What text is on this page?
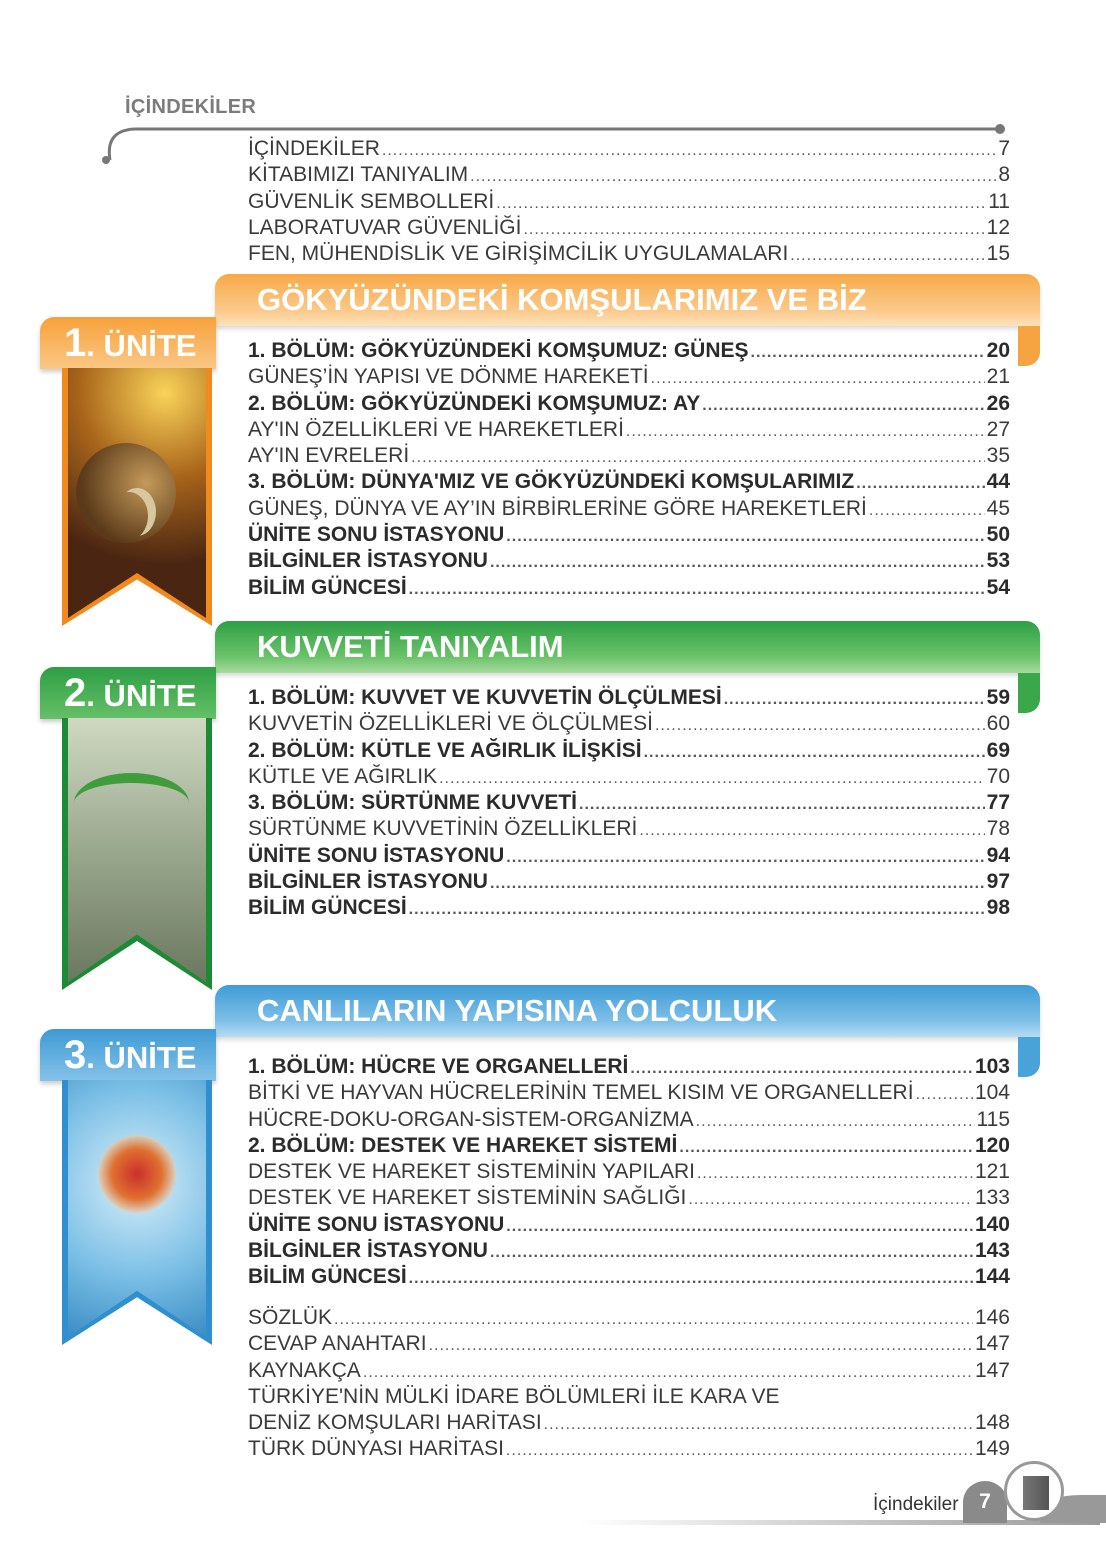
İÇİNDEKİLER
İÇİNDEKİLER .....	7
KİTABIMIZI TANIYALIM .....	8
GÜVENLİK SEMBOLLERİ .....	11
LABORATUVAR GÜVENLİĞİ .....	12
FEN, MÜHENDİSLİK VE GİRİŞİMCİLİK UYGULAMALARI .....	15
GÖKYÜZÜNDEKİ KOMŞULARIMIZ VE BİZ
1. ÜNİTE	1. BÖLÜM: GÖKYÜZÜNDEKİ KOMŞUMUZ: GÜNEŞ .....	20
GÜNEŞ’İN YAPISI VE DÖNME HAREKETİ .....	21
2. BÖLÜM: GÖKYÜZÜNDEKİ KOMŞUMUZ: AY .....	26
AY'IN ÖZELLİKLERİ VE HAREKETLERİ .....	27
AY'IN EVRELERİ .....	35
3. BÖLÜM: DÜNYA'MIZ VE GÖKYÜZÜNDEKİ KOMŞULARIMIZ .....	44
GÜNEŞ, DÜNYA VE AY’IN BİRBİRLERİNE GÖRE HAREKETLERİ .....	45
ÜNİTE SONU İSTASYONU .....	50
BİLGİNLER İSTASYONU .....	53
BİLİM GÜNCESİ .....	54
KUVVETİ TANIYALIM
2. ÜNİTE	1. BÖLÜM: KUVVET VE KUVVETİN ÖLÇÜLMESİ .....	59
KUVVETİN ÖZELLİKLERİ VE ÖLÇÜLMESİ .....	60
2. BÖLÜM: KÜTLE VE AĞIRLIK İLİŞKİSİ .....	69
KÜTLE VE AĞIRLIK .....	70
3. BÖLÜM: SÜRTÜNME KUVVETİ .....	77
SÜRTÜNME KUVVETİNİN ÖZELLİKLERİ .....	78
ÜNİTE SONU İSTASYONU .....	94
BİLGİNLER İSTASYONU .....	97
BİLİM GÜNCESİ .....	98
CANLILARIN YAPISINA YOLCULUK
3. ÜNİTE	1. BÖLÜM: HÜCRE VE ORGANELLERİ .....	103
BİTKİ VE HAYVAN HÜCRELERİNİN TEMEL KISIM VE ORGANELLERİ .....	104
HÜCRE-DOKU-ORGAN-SİSTEM-ORGANİZMA .....	115
2. BÖLÜM: DESTEK VE HAREKET SİSTEMİ .....	120
DESTEK VE HAREKET SİSTEMİNİN YAPILARI .....	121
DESTEK VE HAREKET SİSTEMİNİN SAĞLIĞI .....	133
ÜNİTE SONU İSTASYONU .....	140
BİLGİNLER İSTASYONU .....	143
BİLİM GÜNCESİ .....	144
SÖZLÜK .....	146
CEVAP ANAHTARI .....	147
KAYNAKÇA .....	147
TÜRKİYE'NİN MÜLKİ İDARE BÖLÜMLERİ İLE KARA VE
DENİZ KOMŞULARI HARİTASI .....	148
TÜRK DÜNYASI HARİTASI .....	149
İçindekiler 7
